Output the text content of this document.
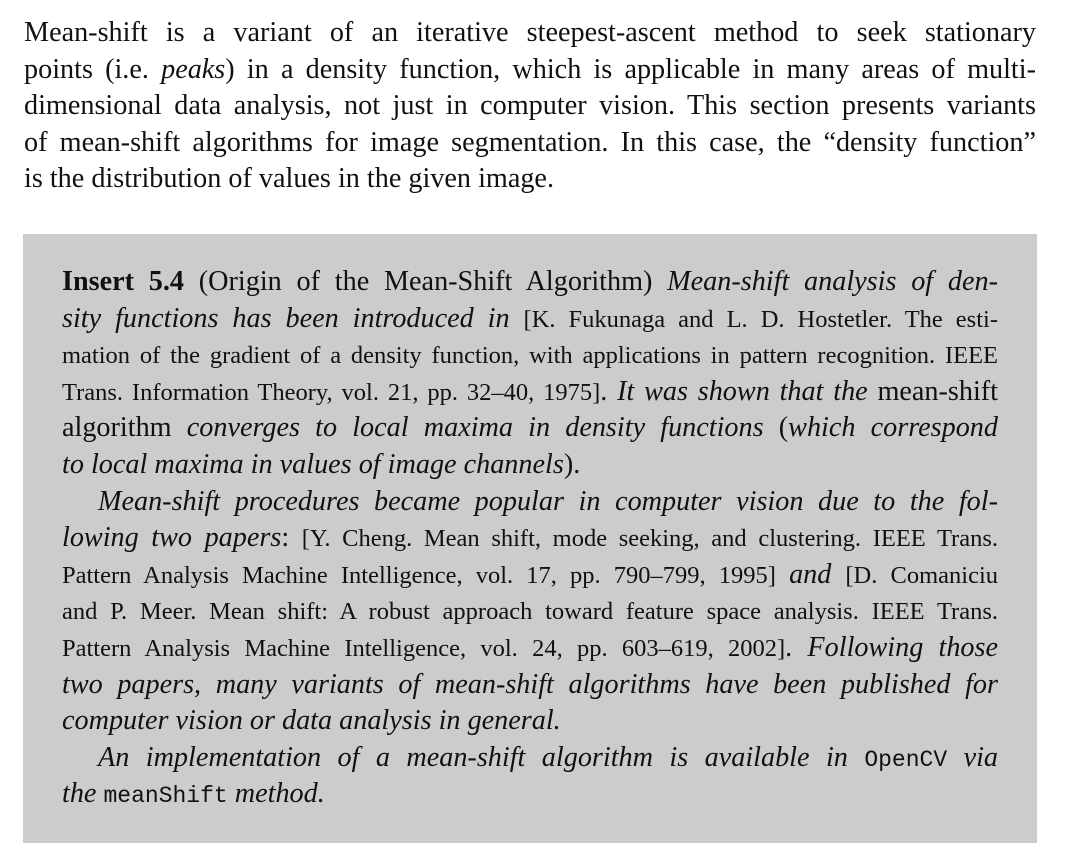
Mean-shift is a variant of an iterative steepest-ascent method to seek stationary
points (i.e. peaks) in a density function, which is applicable in many areas of multi-
dimensional data analysis, not just in computer vision. This section presents variants
of mean-shift algorithms for image segmentation. In this case, the “density function”
is the distribution of values in the given image.

Insert 5.4 (Origin of the Mean-Shift Algorithm) Mean-shift analysis of den-
sity functions has been introduced in [K. Fukunaga and L. D. Hostetler. The esti-
mation of the gradient of a density function, with applications in pattern recognition. IEEE
Trans. Information Theory, vol. 21, pp. 32–40, 1975]. It was shown that the mean-shift
algorithm converges to local maxima in density functions (which correspond
to local maxima in values of image channels).
Mean-shift procedures became popular in computer vision due to the fol-
lowing two papers: [Y. Cheng. Mean shift, mode seeking, and clustering. IEEE Trans.
Pattern Analysis Machine Intelligence, vol. 17, pp. 790–799, 1995] and [D. Comaniciu
and P. Meer. Mean shift: A robust approach toward feature space analysis. IEEE Trans.
Pattern Analysis Machine Intelligence, vol. 24, pp. 603–619, 2002]. Following those
two papers, many variants of mean-shift algorithms have been published for
computer vision or data analysis in general.
An implementation of a mean-shift algorithm is available in OpenCV via
the meanShift method.
